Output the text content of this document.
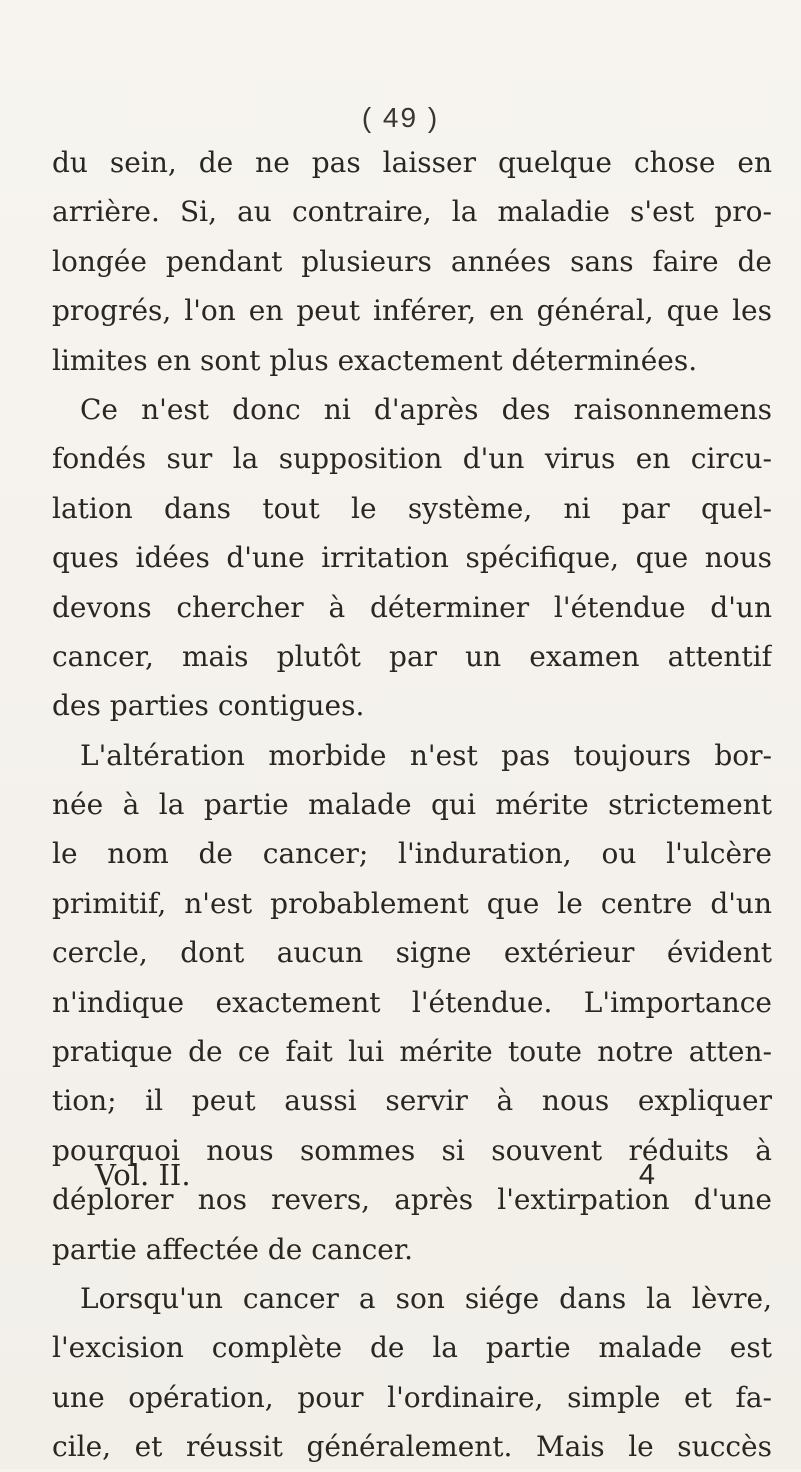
( 49 )
du sein, de ne pas laisser quelque chose en
arrière. Si, au contraire, la maladie s'est pro-
longée pendant plusieurs années sans faire de
progrés, l'on en peut inférer, en général, que les
limites en sont plus exactement déterminées.
Ce n'est donc ni d'après des raisonnemens
fondés sur la supposition d'un virus en circu-
lation dans tout le système, ni par quel-
ques idées d'une irritation spécifique, que nous
devons chercher à déterminer l'étendue d'un
cancer, mais plutôt par un examen attentif
des parties contigues.
L'altération morbide n'est pas toujours bor-
née à la partie malade qui mérite strictement
le nom de cancer; l'induration, ou l'ulcère
primitif, n'est probablement que le centre d'un
cercle, dont aucun signe extérieur évident
n'indique exactement l'étendue. L'importance
pratique de ce fait lui mérite toute notre atten-
tion; il peut aussi servir à nous expliquer
pourquoi nous sommes si souvent réduits à
déplorer nos revers, après l'extirpation d'une
partie affectée de cancer.
Lorsqu'un cancer a son siége dans la lèvre,
l'excision complète de la partie malade est
une opération, pour l'ordinaire, simple et fa-
cile, et réussit généralement. Mais le succès
Vol. II.	4
